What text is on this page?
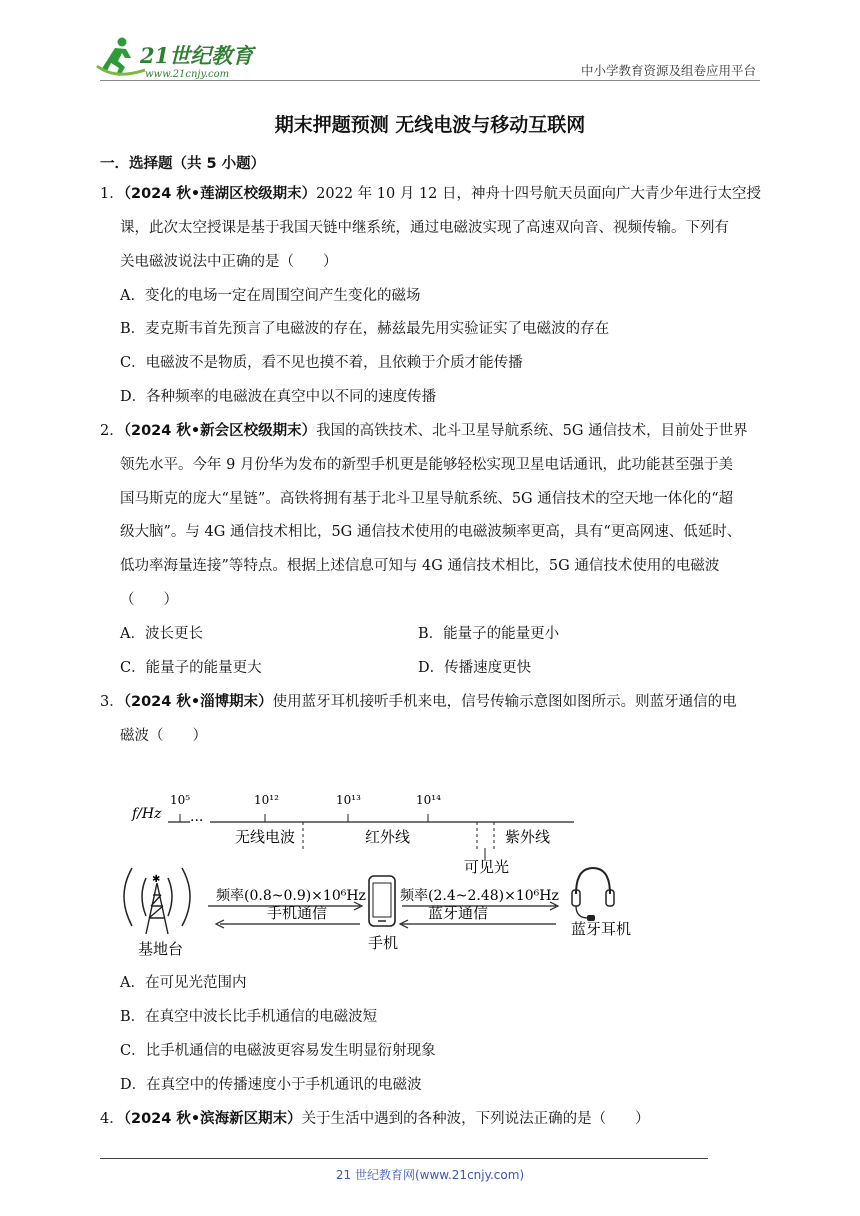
21世纪教育
www.21cnjy.com	中小学教育资源及组卷应用平台
期末押题预测 无线电波与移动互联网
一．选择题（共 5 小题）
1．（2024 秋•莲湖区校级期末）2022 年 10 月 12 日，神舟十四号航天员面向广大青少年进行太空授
课，此次太空授课是基于我国天链中继系统，通过电磁波实现了高速双向音、视频传输。下列有
关电磁波说法中正确的是（　　）
A．变化的电场一定在周围空间产生变化的磁场
B．麦克斯韦首先预言了电磁波的存在，赫兹最先用实验证实了电磁波的存在
C．电磁波不是物质，看不见也摸不着，且依赖于介质才能传播
D．各种频率的电磁波在真空中以不同的速度传播
2．（2024 秋•新会区校级期末）我国的高铁技术、北斗卫星导航系统、5G 通信技术，目前处于世界
领先水平。今年 9 月份华为发布的新型手机更是能够轻松实现卫星电话通讯，此功能甚至强于美
国马斯克的庞大“星链”。高铁将拥有基于北斗卫星导航系统、5G 通信技术的空天地一体化的“超
级大脑”。与 4G 通信技术相比，5G 通信技术使用的电磁波频率更高，具有“更高网速、低延时、
低功率海量连接”等特点。根据上述信息可知与 4G 通信技术相比，5G 通信技术使用的电磁波
（　　）
A．波长更长	B．能量子的能量更小
C．能量子的能量更大	D．传播速度更快
3．（2024 秋•淄博期末）使用蓝牙耳机接听手机来电，信号传输示意图如图所示。则蓝牙通信的电
磁波（　　）
f/Hz ···
10⁵	10¹²	10¹³	10¹⁴
无线电波	红外线	紫外线
可见光
✱
基地台	手机
频率(0.8~0.9)×10⁶Hz
手机通信
频率(2.4~2.48)×10⁶Hz
蓝牙通信
蓝牙耳机
A．在可见光范围内
B．在真空中波长比手机通信的电磁波短
C．比手机通信的电磁波更容易发生明显衍射现象
D．在真空中的传播速度小于手机通讯的电磁波
4．（2024 秋•滨海新区期末）关于生活中遇到的各种波，下列说法正确的是（　　）
21 世纪教育网(www.21cnjy.com)
